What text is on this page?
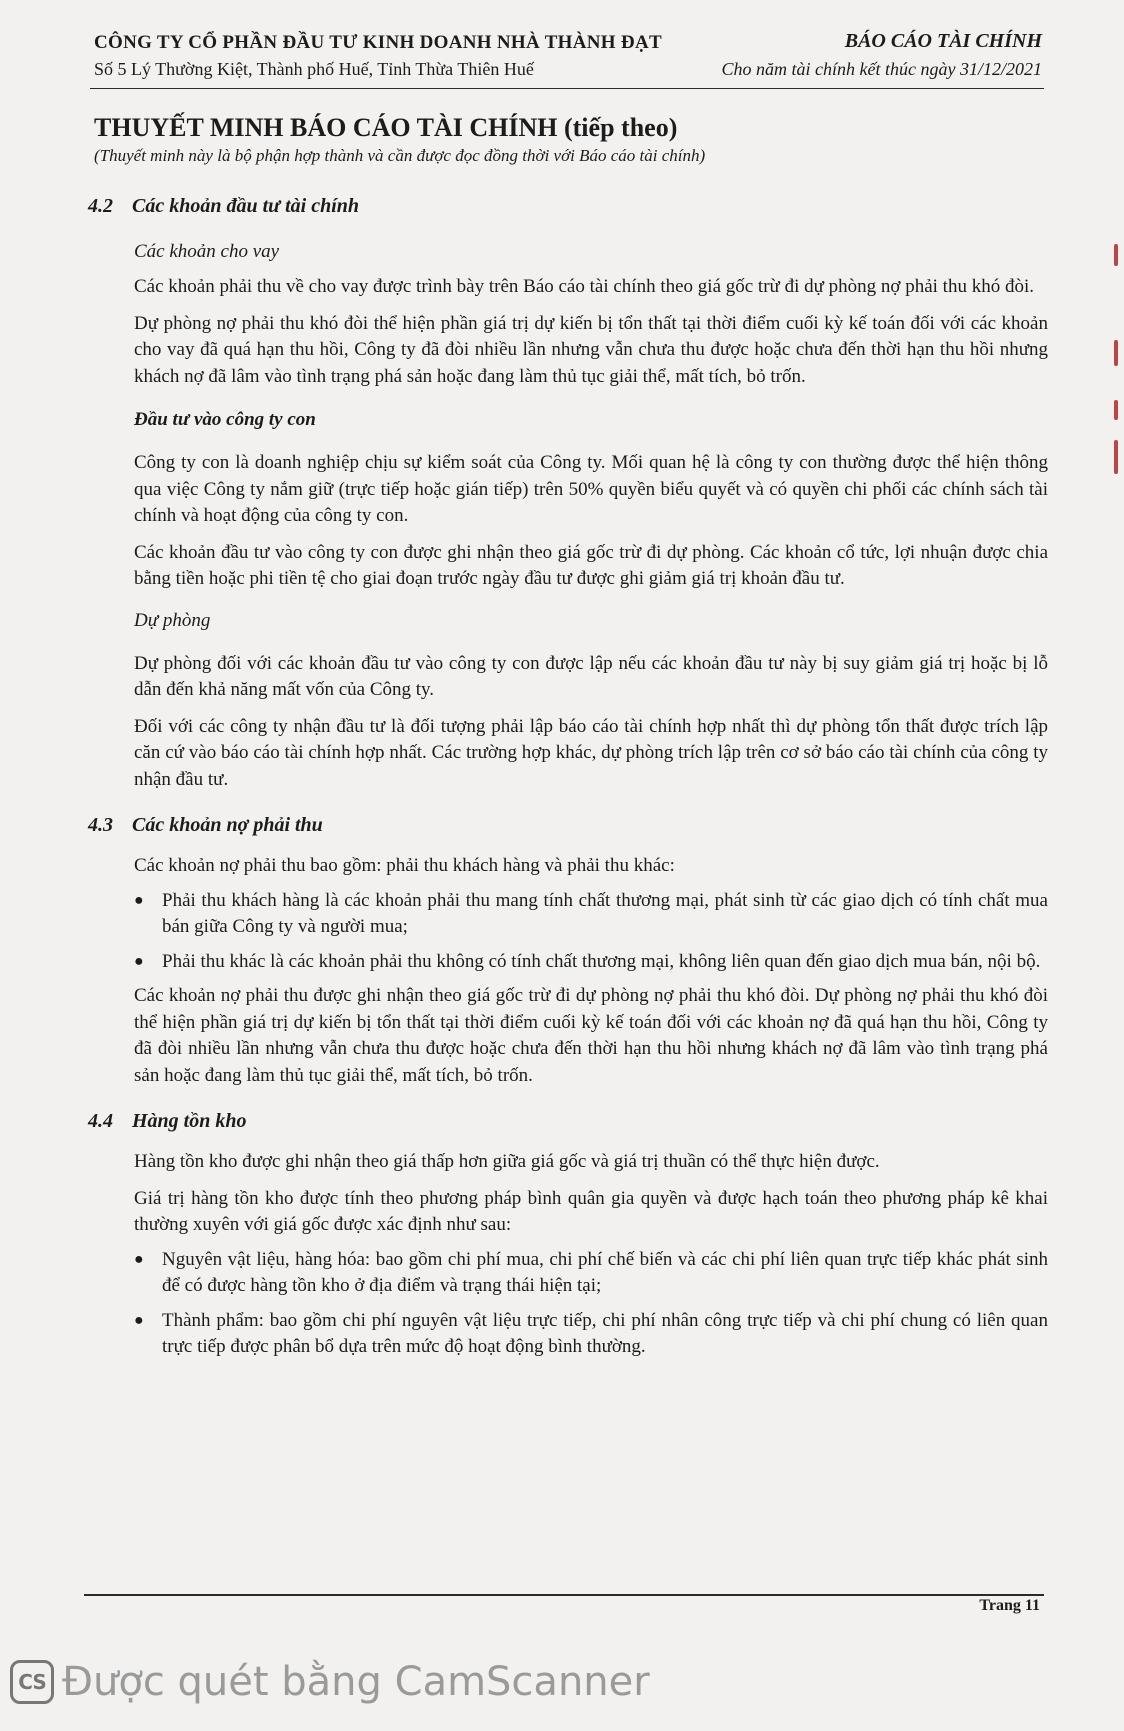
CÔNG TY CỔ PHẦN ĐẦU TƯ KINH DOANH NHÀ THÀNH ĐẠT

Số 5 Lý Thường Kiệt, Thành phố Huế, Tỉnh Thừa Thiên Huế

BÁO CÁO TÀI CHÍNH

Cho năm tài chính kết thúc ngày 31/12/2021

THUYẾT MINH BÁO CÁO TÀI CHÍNH (tiếp theo)

(Thuyết minh này là bộ phận hợp thành và cần được đọc đồng thời với Báo cáo tài chính)

4.2 Các khoản đầu tư tài chính

Các khoản cho vay

Các khoản phải thu về cho vay được trình bày trên Báo cáo tài chính theo giá gốc trừ đi dự phòng nợ phải thu khó đòi.

Dự phòng nợ phải thu khó đòi thể hiện phần giá trị dự kiến bị tổn thất tại thời điểm cuối kỳ kế toán đối với các khoản cho vay đã quá hạn thu hồi, Công ty đã đòi nhiều lần nhưng vẫn chưa thu được hoặc chưa đến thời hạn thu hồi nhưng khách nợ đã lâm vào tình trạng phá sản hoặc đang làm thủ tục giải thể, mất tích, bỏ trốn.

Đầu tư vào công ty con

Công ty con là doanh nghiệp chịu sự kiểm soát của Công ty. Mối quan hệ là công ty con thường được thể hiện thông qua việc Công ty nắm giữ (trực tiếp hoặc gián tiếp) trên 50% quyền biểu quyết và có quyền chi phối các chính sách tài chính và hoạt động của công ty con.

Các khoản đầu tư vào công ty con được ghi nhận theo giá gốc trừ đi dự phòng. Các khoản cổ tức, lợi nhuận được chia bằng tiền hoặc phi tiền tệ cho giai đoạn trước ngày đầu tư được ghi giảm giá trị khoản đầu tư.

Dự phòng

Dự phòng đối với các khoản đầu tư vào công ty con được lập nếu các khoản đầu tư này bị suy giảm giá trị hoặc bị lỗ dẫn đến khả năng mất vốn của Công ty.

Đối với các công ty nhận đầu tư là đối tượng phải lập báo cáo tài chính hợp nhất thì dự phòng tổn thất được trích lập căn cứ vào báo cáo tài chính hợp nhất. Các trường hợp khác, dự phòng trích lập trên cơ sở báo cáo tài chính của công ty nhận đầu tư.

4.3 Các khoản nợ phải thu

Các khoản nợ phải thu bao gồm: phải thu khách hàng và phải thu khác:

● Phải thu khách hàng là các khoản phải thu mang tính chất thương mại, phát sinh từ các giao dịch có tính chất mua bán giữa Công ty và người mua;

● Phải thu khác là các khoản phải thu không có tính chất thương mại, không liên quan đến giao dịch mua bán, nội bộ.

Các khoản nợ phải thu được ghi nhận theo giá gốc trừ đi dự phòng nợ phải thu khó đòi. Dự phòng nợ phải thu khó đòi thể hiện phần giá trị dự kiến bị tổn thất tại thời điểm cuối kỳ kế toán đối với các khoản nợ đã quá hạn thu hồi, Công ty đã đòi nhiều lần nhưng vẫn chưa thu được hoặc chưa đến thời hạn thu hồi nhưng khách nợ đã lâm vào tình trạng phá sản hoặc đang làm thủ tục giải thể, mất tích, bỏ trốn.

4.4 Hàng tồn kho

Hàng tồn kho được ghi nhận theo giá thấp hơn giữa giá gốc và giá trị thuần có thể thực hiện được.

Giá trị hàng tồn kho được tính theo phương pháp bình quân gia quyền và được hạch toán theo phương pháp kê khai thường xuyên với giá gốc được xác định như sau:

● Nguyên vật liệu, hàng hóa: bao gồm chi phí mua, chi phí chế biến và các chi phí liên quan trực tiếp khác phát sinh để có được hàng tồn kho ở địa điểm và trạng thái hiện tại;

● Thành phẩm: bao gồm chi phí nguyên vật liệu trực tiếp, chi phí nhân công trực tiếp và chi phí chung có liên quan trực tiếp được phân bổ dựa trên mức độ hoạt động bình thường.

Trang 11

CS Được quét bằng CamScanner
